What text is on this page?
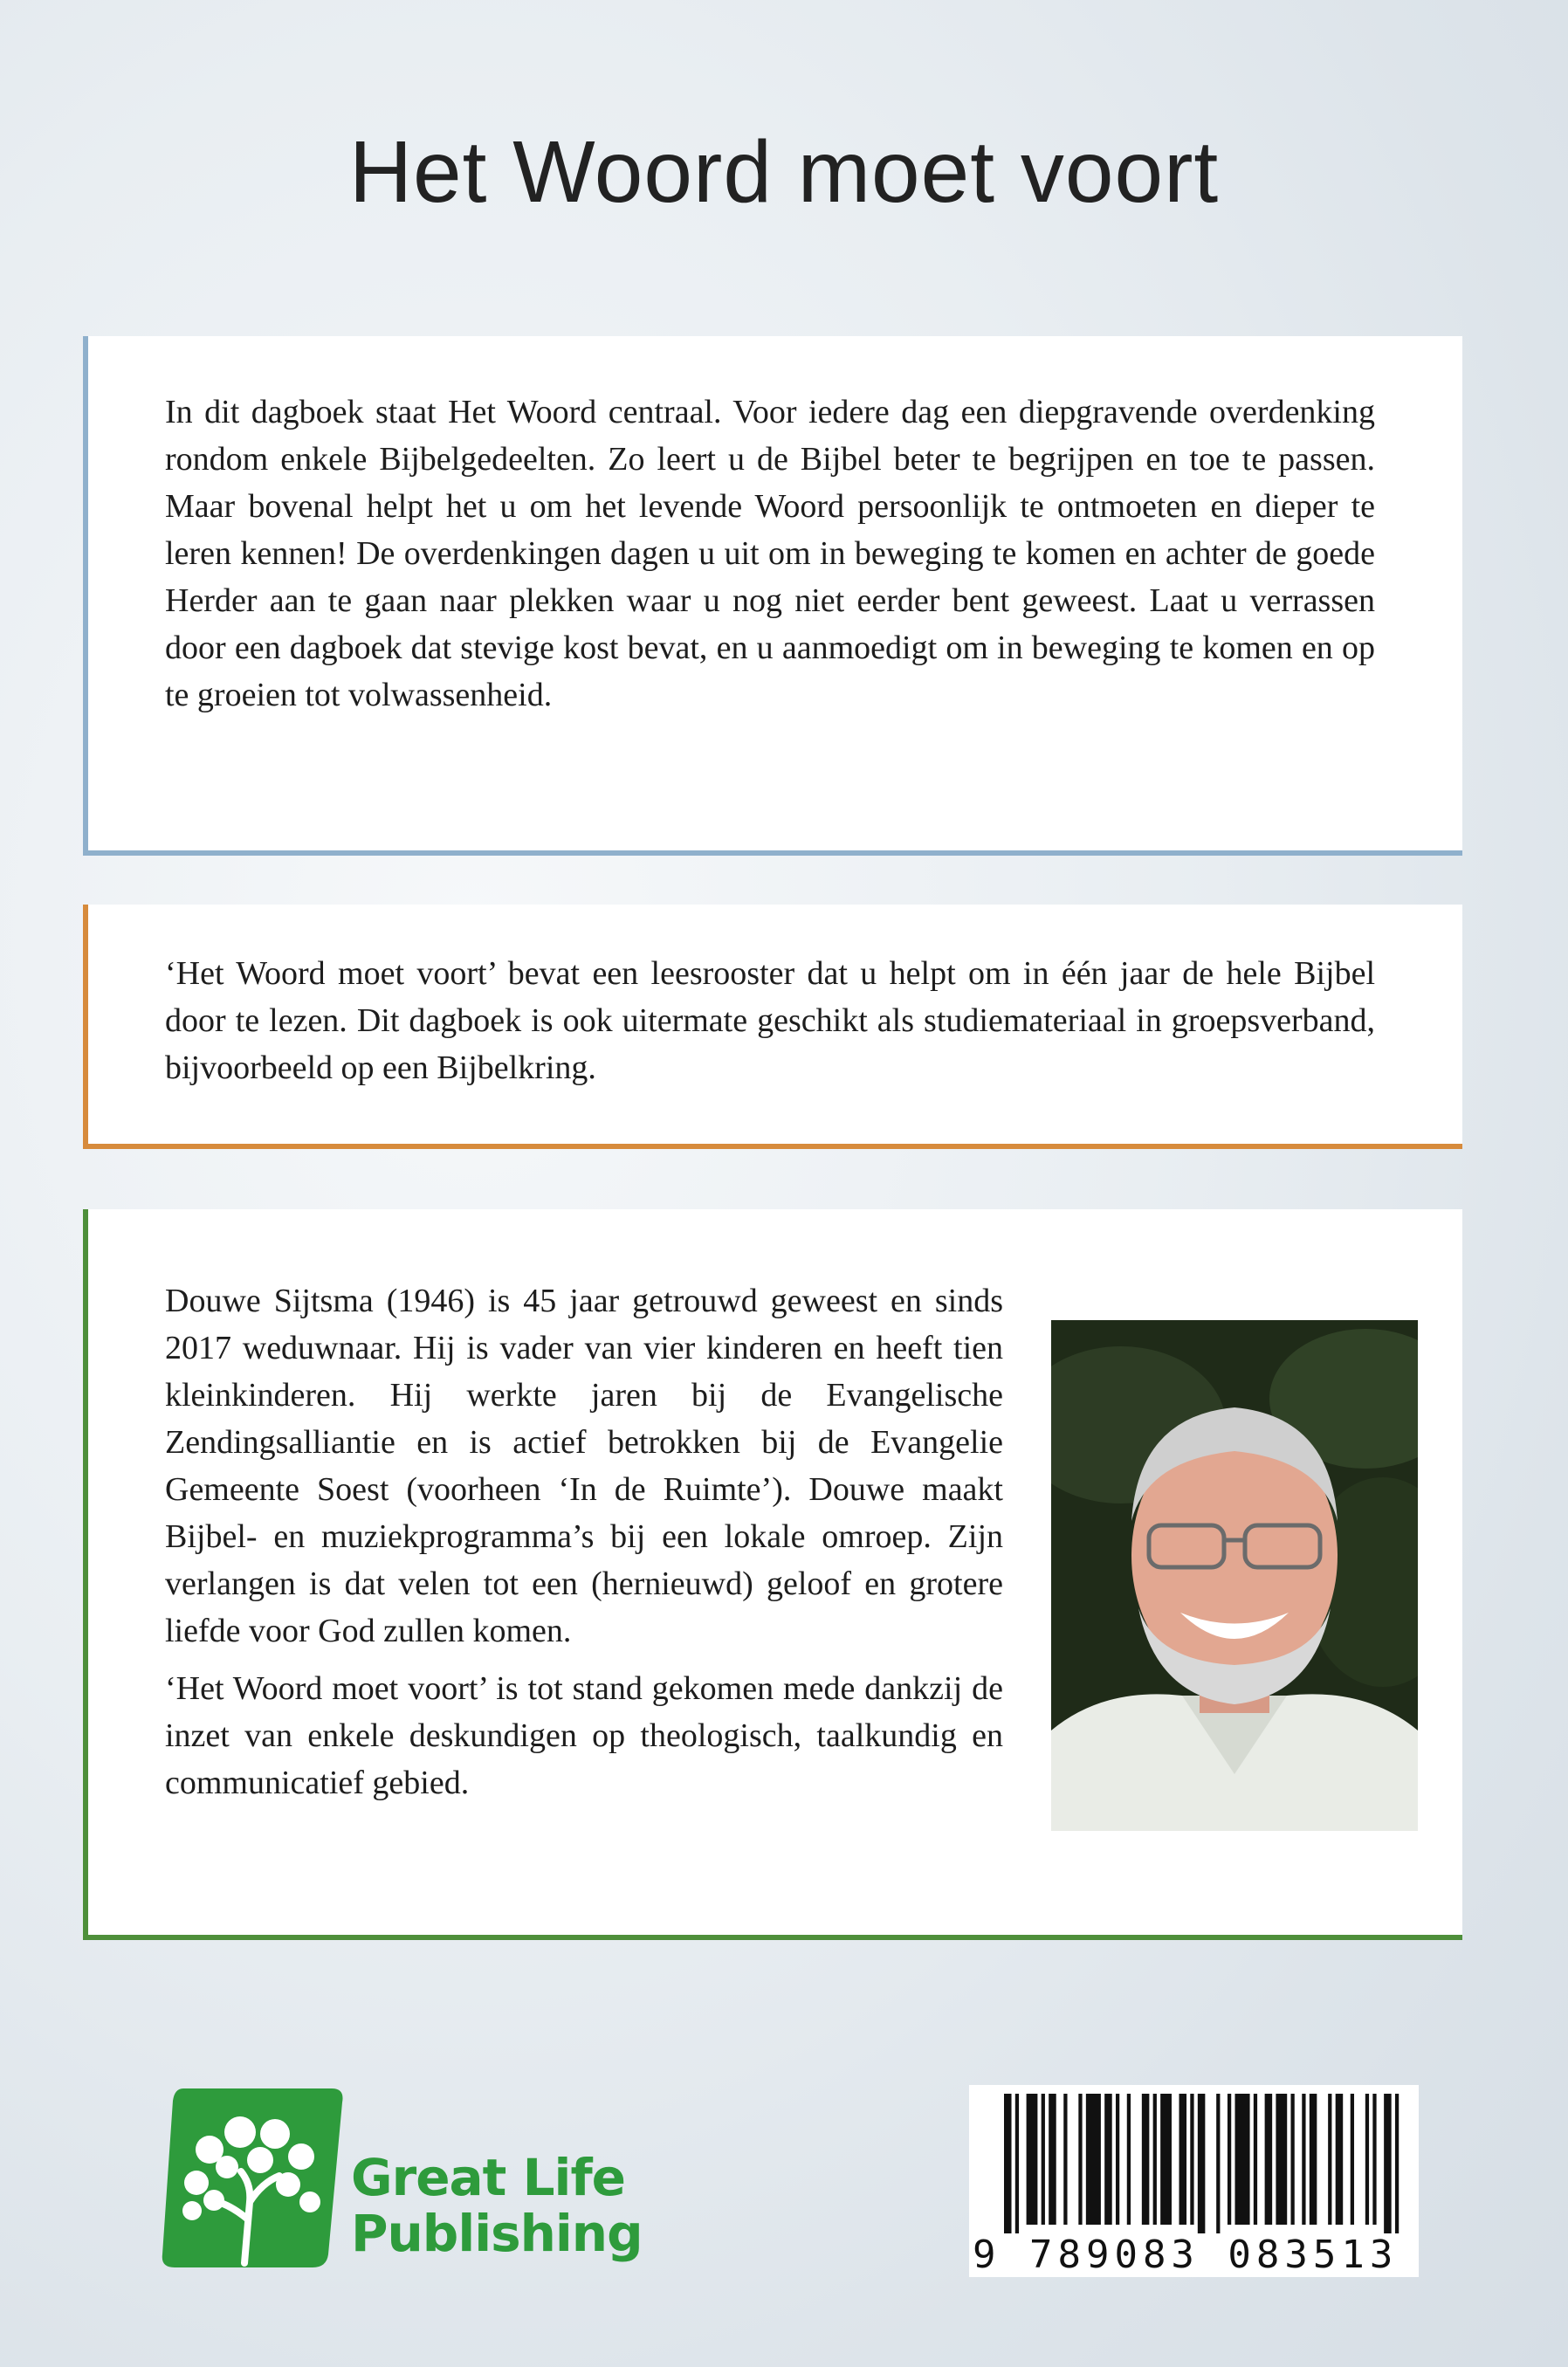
Het Woord moet voort

In dit dagboek staat Het Woord centraal. Voor iedere dag een diepgravende overdenking rondom enkele Bijbelgedeelten. Zo leert u de Bijbel beter te begrijpen en toe te passen. Maar bovenal helpt het u om het levende Woord persoonlijk te ontmoeten en dieper te leren kennen! De overdenkingen dagen u uit om in beweging te komen en achter de goede Herder aan te gaan naar plekken waar u nog niet eerder bent geweest. Laat u verrassen door een dagboek dat stevige kost bevat, en u aanmoedigt om in beweging te komen en op te groeien tot volwassenheid.

‘Het Woord moet voort’ bevat een leesrooster dat u helpt om in één jaar de hele Bijbel door te lezen. Dit dagboek is ook uitermate geschikt als studiemateriaal in groepsverband, bijvoorbeeld op een Bijbelkring.

Douwe Sijtsma (1946) is 45 jaar getrouwd geweest en sinds 2017 weduwnaar. Hij is vader van vier kinderen en heeft tien kleinkinderen. Hij werkte jaren bij de Evangelische Zendingsalliantie en is actief betrokken bij de Evangelie Gemeente Soest (voorheen ‘In de Ruimte’). Douwe maakt Bijbel- en muziekprogramma’s bij een lokale omroep. Zijn verlangen is dat velen tot een (hernieuwd) geloof en grotere liefde voor God zullen komen.

‘Het Woord moet voort’ is tot stand gekomen mede dankzij de inzet van enkele deskundigen op theologisch, taalkundig en communicatief gebied.

Great Life
Publishing	9 789083 083513
